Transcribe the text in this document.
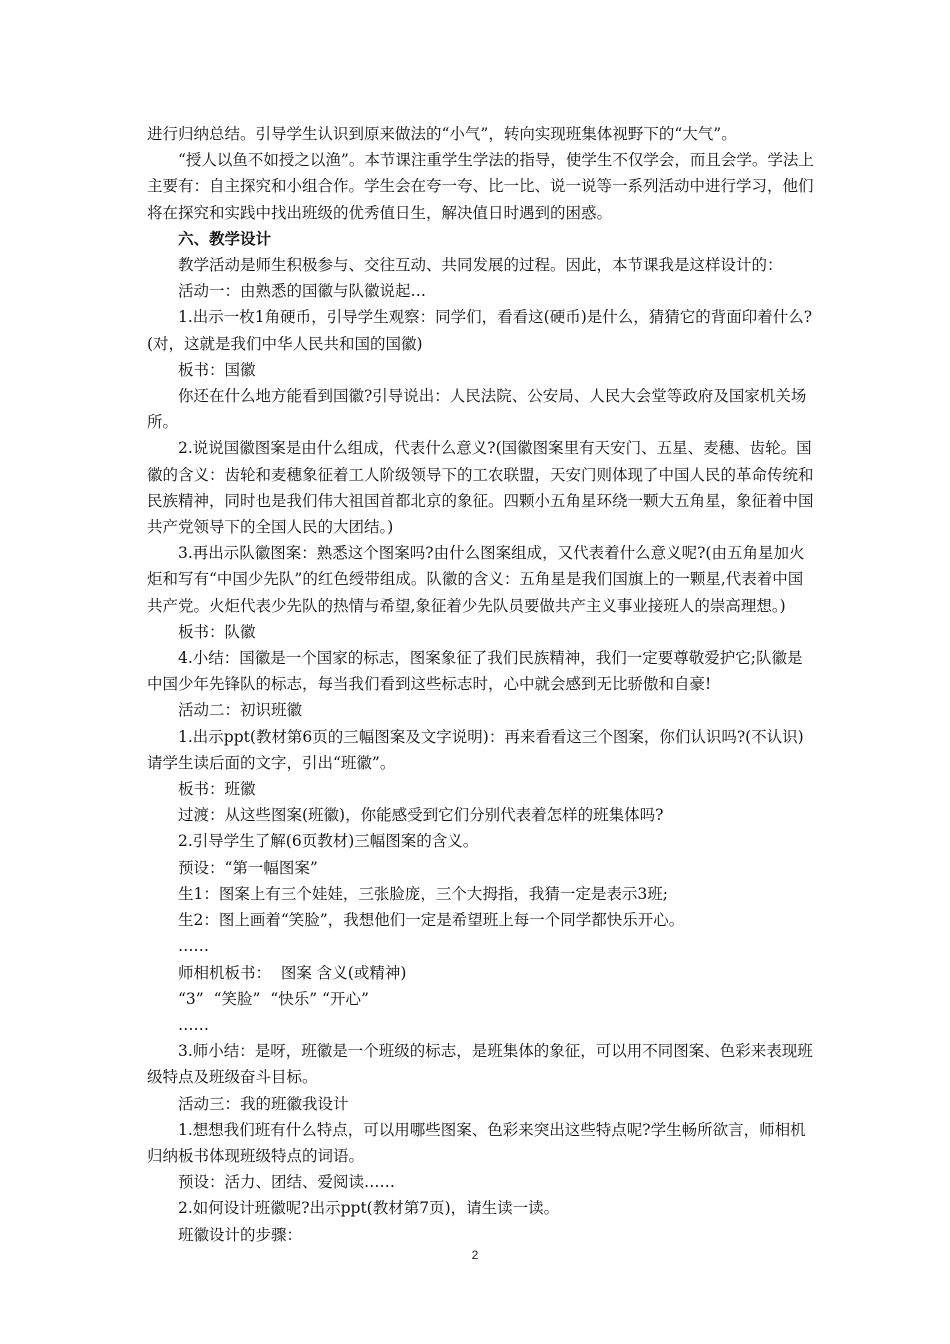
进行归纳总结。引导学生认识到原来做法的“小气”，转向实现班集体视野下的“大气”。

“授人以鱼不如授之以渔”。本节课注重学生学法的指导，使学生不仅学会，而且会学。学法上主要有：自主探究和小组合作。学生会在夸一夸、比一比、说一说等一系列活动中进行学习，他们将在探究和实践中找出班级的优秀值日生，解决值日时遇到的困惑。

六、教学设计

教学活动是师生积极参与、交往互动、共同发展的过程。因此，本节课我是这样设计的：

活动一：由熟悉的国徽与队徽说起…

1.出示一枚1角硬币，引导学生观察：同学们，看看这(硬币)是什么，猜猜它的背面印着什么?(对，这就是我们中华人民共和国的国徽)

板书：国徽

你还在什么地方能看到国徽?引导说出：人民法院、公安局、人民大会堂等政府及国家机关场所。

2.说说国徽图案是由什么组成，代表什么意义?(国徽图案里有天安门、五星、麦穗、齿轮。国徽的含义：齿轮和麦穗象征着工人阶级领导下的工农联盟，天安门则体现了中国人民的革命传统和民族精神，同时也是我们伟大祖国首都北京的象征。四颗小五角星环绕一颗大五角星，象征着中国共产党领导下的全国人民的大团结。)

3.再出示队徽图案：熟悉这个图案吗?由什么图案组成，又代表着什么意义呢?(由五角星加火炬和写有“中国少先队”的红色绶带组成。队徽的含义：五角星是我们国旗上的一颗星,代表着中国共产党。火炬代表少先队的热情与希望,象征着少先队员要做共产主义事业接班人的崇高理想。)

板书：队徽

4.小结：国徽是一个国家的标志，图案象征了我们民族精神，我们一定要尊敬爱护它;队徽是中国少年先锋队的标志，每当我们看到这些标志时，心中就会感到无比骄傲和自豪!

活动二：初识班徽

1.出示ppt(教材第6页的三幅图案及文字说明)：再来看看这三个图案，你们认识吗?(不认识)请学生读后面的文字，引出“班徽”。

板书：班徽

过渡：从这些图案(班徽)，你能感受到它们分别代表着怎样的班集体吗?

2.引导学生了解(6页教材)三幅图案的含义。

预设：“第一幅图案”

生1：图案上有三个娃娃，三张脸庞，三个大拇指，我猜一定是表示3班;

生2：图上画着“笑脸”，我想他们一定是希望班上每一个同学都快乐开心。

……

师相机板书：  图案 含义(或精神)

“3”  “笑脸”  “快乐” “开心”

……

3.师小结：是呀，班徽是一个班级的标志，是班集体的象征，可以用不同图案、色彩来表现班级特点及班级奋斗目标。

活动三：我的班徽我设计

1.想想我们班有什么特点，可以用哪些图案、色彩来突出这些特点呢?学生畅所欲言，师相机归纳板书体现班级特点的词语。

预设：活力、团结、爱阅读……

2.如何设计班徽呢?出示ppt(教材第7页)，请生读一读。

班徽设计的步骤：

2
